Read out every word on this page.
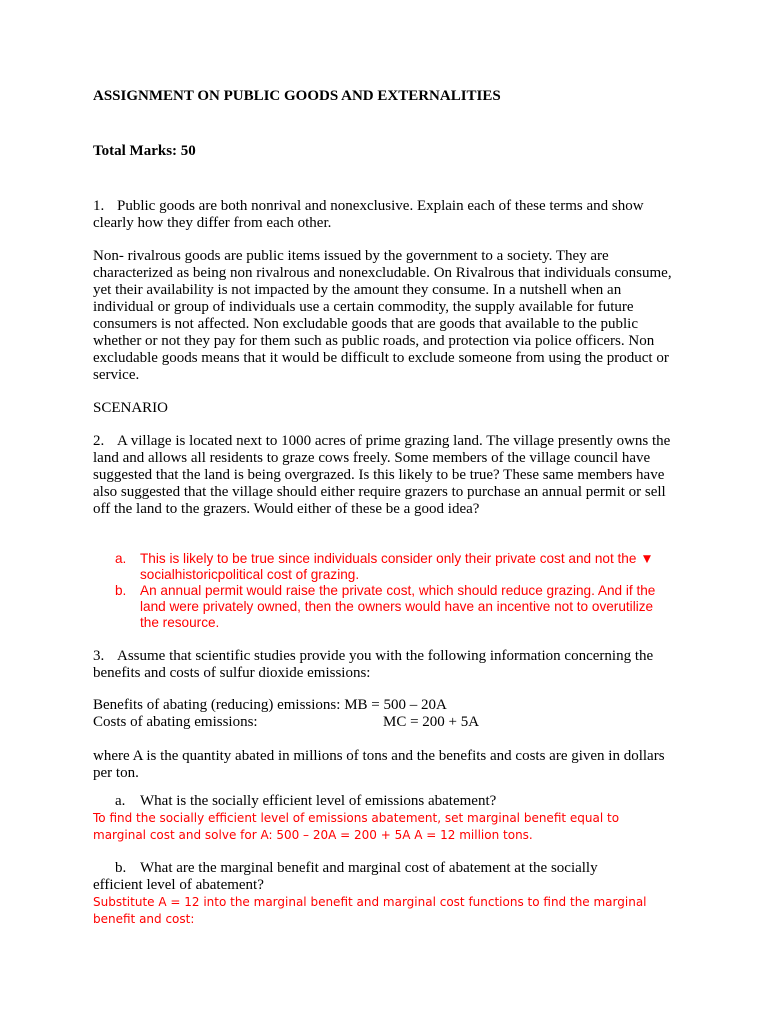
ASSIGNMENT ON PUBLIC GOODS AND EXTERNALITIES
Total Marks: 50
1. Public goods are both nonrival and nonexclusive. Explain each of these terms and show clearly how they differ from each other.
Non- rivalrous goods are public items issued by the government to a society. They are characterized as being non rivalrous and nonexcludable. On Rivalrous that individuals consume, yet their availability is not impacted by the amount they consume. In a nutshell when an individual or group of individuals use a certain commodity, the supply available for future consumers is not affected. Non excludable goods that are goods that available to the public whether or not they pay for them such as public roads, and protection via police officers. Non excludable goods means that it would be difficult to exclude someone from using the product or service.
SCENARIO
2. A village is located next to 1000 acres of prime grazing land. The village presently owns the land and allows all residents to graze cows freely. Some members of the village council have suggested that the land is being overgrazed. Is this likely to be true? These same members have also suggested that the village should either require grazers to purchase an annual permit or sell off the land to the grazers. Would either of these be a good idea?
a. This is likely to be true since individuals consider only their private cost and not the ▼ socialhistoricpolitical cost of grazing.
b. An annual permit would raise the private cost, which should reduce grazing. And if the land were privately owned, then the owners would have an incentive not to overutilize the resource.
3. Assume that scientific studies provide you with the following information concerning the benefits and costs of sulfur dioxide emissions:
Benefits of abating (reducing) emissions: MB = 500 – 20A
Costs of abating emissions:	MC = 200 + 5A
where A is the quantity abated in millions of tons and the benefits and costs are given in dollars per ton.
a. What is the socially efficient level of emissions abatement?
To find the socially efficient level of emissions abatement, set marginal benefit equal to marginal cost and solve for A: 500 – 20A = 200 + 5A A = 12 million tons.
b. What are the marginal benefit and marginal cost of abatement at the socially
efficient level of abatement?
Substitute A = 12 into the marginal benefit and marginal cost functions to find the marginal benefit and cost:
